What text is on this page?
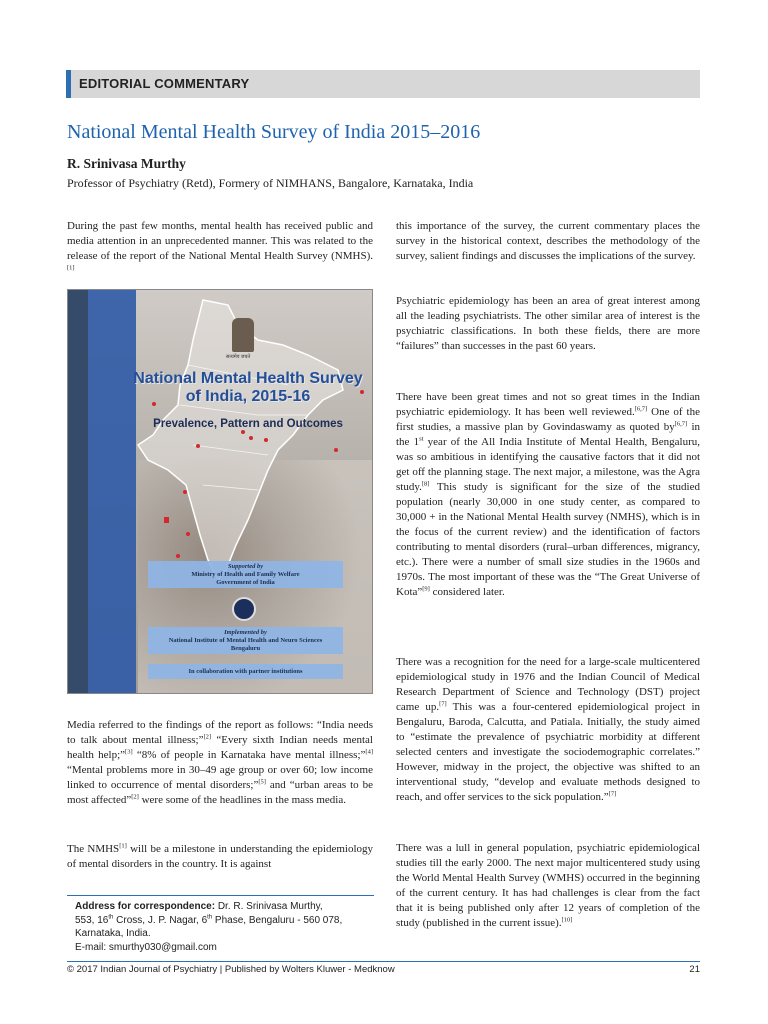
EDITORIAL COMMENTARY
National Mental Health Survey of India 2015–2016
R. Srinivasa Murthy
Professor of Psychiatry (Retd), Formery of NIMHANS, Bangalore, Karnataka, India

During the past few months, mental health has received public and media attention in an unprecedented manner. This was related to the release of the report of the National Mental Health Survey (NMHS).[1]

सत्यमेव जयते
National Mental Health Survey
of India, 2015-16
Prevalence, Pattern and Outcomes
Supported by
Ministry of Health and Family Welfare
Government of India
Implemented by
National Institute of Mental Health and Neuro Sciences
Bengaluru
In collaboration with partner institutions

Media referred to the findings of the report as follows: “India needs to talk about mental illness;”[2] “Every sixth Indian needs mental health help;”[3] “8% of people in Karnataka have mental illness;”[4] “Mental problems more in 30–49 age group or over 60; low income linked to occurrence of mental disorders;”[5] and “urban areas to be most affected”[2] were some of the headlines in the mass media.

The NMHS[1] will be a milestone in understanding the epidemiology of mental disorders in the country. It is against

Address for correspondence: Dr. R. Srinivasa Murthy,
553, 16th Cross, J. P. Nagar, 6th Phase, Bengaluru - 560 078,
Karnataka, India.
E-mail: smurthy030@gmail.com

this importance of the survey, the current commentary places the survey in the historical context, describes the methodology of the survey, salient findings and discusses the implications of the survey.

Psychiatric epidemiology has been an area of great interest among all the leading psychiatrists. The other similar area of interest is the psychiatric classifications. In both these fields, there are more “failures” than successes in the past 60 years.

There have been great times and not so great times in the Indian psychiatric epidemiology. It has been well reviewed.[6,7] One of the first studies, a massive plan by Govindaswamy as quoted by[6,7] in the 1st year of the All India Institute of Mental Health, Bengaluru, was so ambitious in identifying the causative factors that it did not get off the planning stage. The next major, a milestone, was the Agra study.[8] This study is significant for the size of the studied population (nearly 30,000 in one study center, as compared to 30,000 + in the National Mental Health survey (NMHS), which is in the focus of the current review) and the identification of factors contributing to mental disorders (rural–urban differences, migrancy, etc.). There were a number of small size studies in the 1960s and 1970s. The most important of these was the “The Great Universe of Kota”[9] considered later.

There was a recognition for the need for a large-scale multicentered epidemiological study in 1976 and the Indian Council of Medical Research Department of Science and Technology (DST) project came up.[7] This was a four-centered epidemiological project in Bengaluru, Baroda, Calcutta, and Patiala. Initially, the study aimed to “estimate the prevalence of psychiatric morbidity at different selected centers and investigate the sociodemographic correlates.” However, midway in the project, the objective was shifted to an interventional study, “develop and evaluate methods designed to reach, and offer services to the sick population.”[7]

There was a lull in general population, psychiatric epidemiological studies till the early 2000. The next major multicentered study using the World Mental Health Survey (WMHS) occurred in the beginning of the current century. It has had challenges is clear from the fact that it is being published only after 12 years of completion of the study (published in the current issue).[10]

© 2017 Indian Journal of Psychiatry | Published by Wolters Kluwer - Medknow	21
